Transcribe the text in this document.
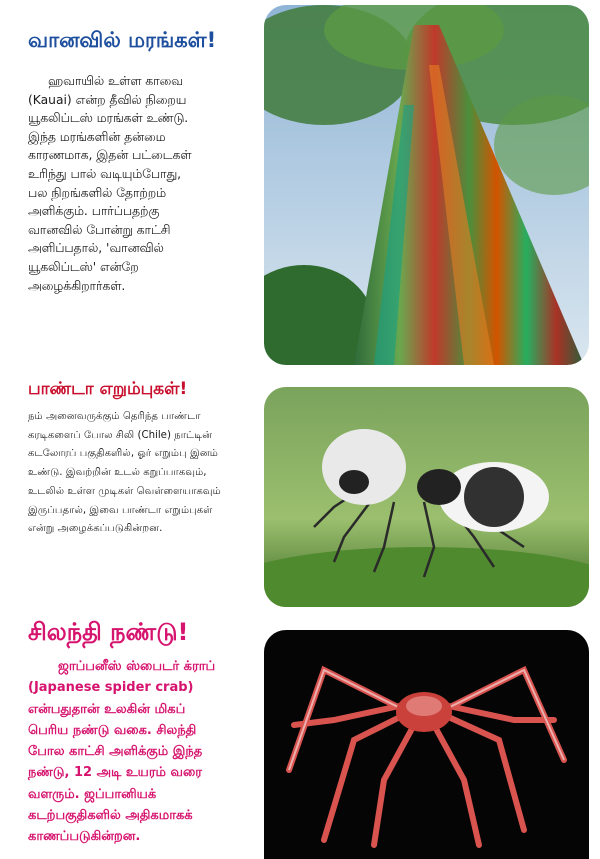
வானவில் மரங்கள்!
ஹவாயில் உள்ள காவை
(Kauai) என்ற தீவில் நிறைய
யூகலிப்டஸ் மரங்கள் உண்டு.
இந்த மரங்களின் தன்மை
காரணமாக, இதன் பட்டைகள்
உரிந்து பால் வடியும்போது,
பல நிறங்களில் தோற்றம்
அளிக்கும். பார்ப்பதற்கு
வானவில் போன்று காட்சி
அளிப்பதால், 'வானவில்
யூகலிப்டஸ்' என்றே
அழைக்கிறார்கள்.
பாண்டா எறும்புகள்!
நம் அனைவருக்கும் தெரிந்த பாண்டா
கரடிகளைப் போல சிலி (Chile) நாட்டின்
கடலோரப் பகுதிகளில், ஓர் எறும்பு இனம்
உண்டு. இவற்றின் உடல் கறுப்பாகவும்,
உடலில் உள்ள முடிகள் வெள்ளையாகவும்
இருப்பதால், இவை பாண்டா எறும்புகள்
என்று அழைக்கப்படுகின்றன.
சிலந்தி நண்டு!
ஜாப்பனீஸ் ஸ்பைடர் க்ராப்
(Japanese spider crab)
என்பதுதான் உலகின் மிகப்
பெரிய நண்டு வகை. சிலந்தி
போல காட்சி அளிக்கும் இந்த
நண்டு, 12 அடி உயரம் வரை
வளரும். ஜப்பானியக்
கடற்பகுதிகளில் அதிகமாகக்
காணப்படுகின்றன.
